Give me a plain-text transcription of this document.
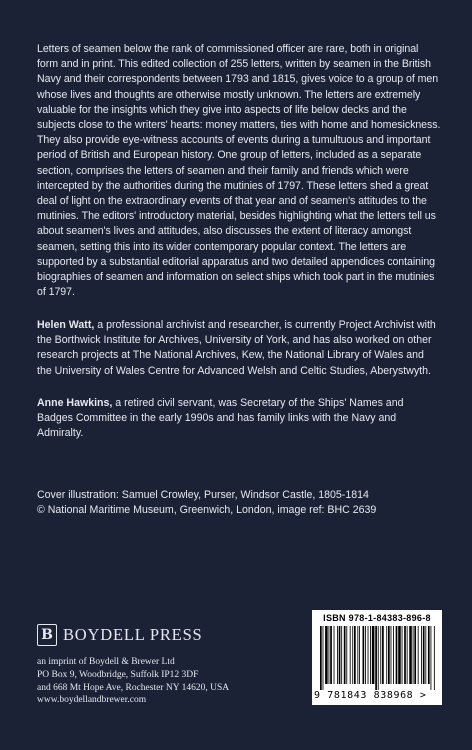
Letters of seamen below the rank of commissioned officer are rare, both in original form and in print. This edited collection of 255 letters, written by seamen in the British Navy and their correspondents between 1793 and 1815, gives voice to a group of men whose lives and thoughts are otherwise mostly unknown. The letters are extremely valuable for the insights which they give into aspects of life below decks and the subjects close to the writers' hearts: money matters, ties with home and homesickness. They also provide eye-witness accounts of events during a tumultuous and important period of British and European history. One group of letters, included as a separate section, comprises the letters of seamen and their family and friends which were intercepted by the authorities during the mutinies of 1797. These letters shed a great deal of light on the extraordinary events of that year and of seamen's attitudes to the mutinies. The editors' introductory material, besides highlighting what the letters tell us about seamen's lives and attitudes, also discusses the extent of literacy amongst seamen, setting this into its wider contemporary popular context. The letters are supported by a substantial editorial apparatus and two detailed appendices containing biographies of seamen and information on select ships which took part in the mutinies of 1797.

Helen Watt, a professional archivist and researcher, is currently Project Archivist with the Borthwick Institute for Archives, University of York, and has also worked on other research projects at The National Archives, Kew, the National Library of Wales and the University of Wales Centre for Advanced Welsh and Celtic Studies, Aberystwyth.

Anne Hawkins, a retired civil servant, was Secretary of the Ships' Names and Badges Committee in the early 1990s and has family links with the Navy and Admiralty.

Cover illustration: Samuel Crowley, Purser, Windsor Castle, 1805-1814
© National Maritime Museum, Greenwich, London, image ref: BHC 2639
B BOYDELL PRESS
an imprint of Boydell & Brewer Ltd
PO Box 9, Woodbridge, Suffolk IP12 3DF
and 668 Mt Hope Ave, Rochester NY 14620, USA
www.boydellandbrewer.com
ISBN 978-1-84383-896-8
9 781843 838968 >
